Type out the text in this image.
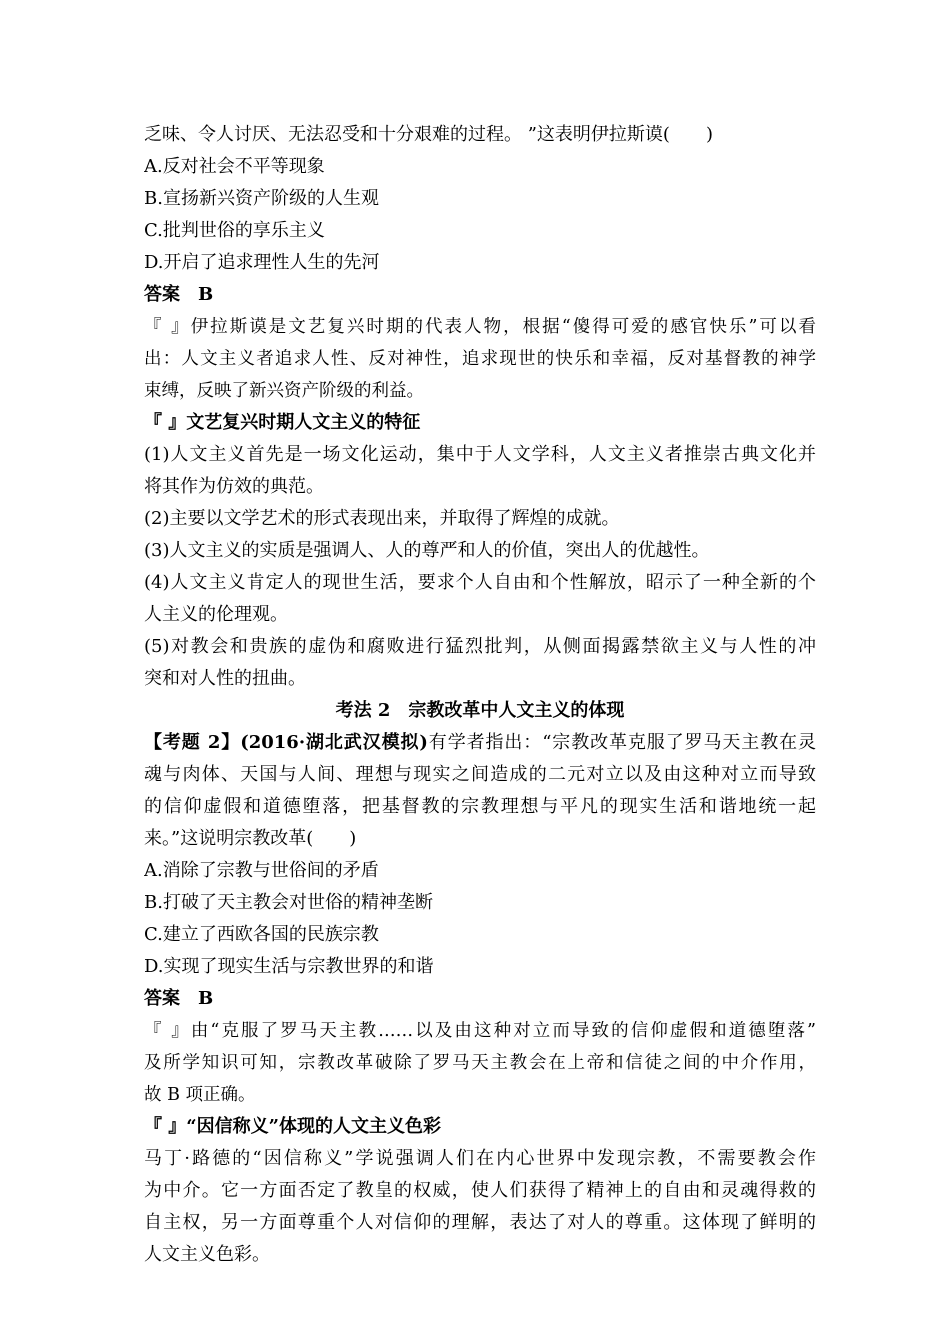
乏味、令人讨厌、无法忍受和十分艰难的过程。 ”这表明伊拉斯谟(　　)
A.反对社会不平等现象
B.宣扬新兴资产阶级的人生观
C.批判世俗的享乐主义
D.开启了追求理性人生的先河
答案　B
『 』伊拉斯谟是文艺复兴时期的代表人物，根据“傻得可爱的感官快乐”可以看
出：人文主义者追求人性、反对神性，追求现世的快乐和幸福，反对基督教的神学
束缚，反映了新兴资产阶级的利益。
『 』文艺复兴时期人文主义的特征
(1)人文主义首先是一场文化运动，集中于人文学科，人文主义者推崇古典文化并
将其作为仿效的典范。
(2)主要以文学艺术的形式表现出来，并取得了辉煌的成就。
(3)人文主义的实质是强调人、人的尊严和人的价值，突出人的优越性。
(4)人文主义肯定人的现世生活，要求个人自由和个性解放，昭示了一种全新的个
人主义的伦理观。
(5)对教会和贵族的虚伪和腐败进行猛烈批判，从侧面揭露禁欲主义与人性的冲
突和对人性的扭曲。
考法 2　宗教改革中人文主义的体现
【考题 2】(2016·湖北武汉模拟)有学者指出：“宗教改革克服了罗马天主教在灵
魂与肉体、天国与人间、理想与现实之间造成的二元对立以及由这种对立而导致
的信仰虚假和道德堕落，把基督教的宗教理想与平凡的现实生活和谐地统一起
来。”这说明宗教改革(　　)
A.消除了宗教与世俗间的矛盾
B.打破了天主教会对世俗的精神垄断
C.建立了西欧各国的民族宗教
D.实现了现实生活与宗教世界的和谐
答案　B
『 』由“克服了罗马天主教……以及由这种对立而导致的信仰虚假和道德堕落”
及所学知识可知，宗教改革破除了罗马天主教会在上帝和信徒之间的中介作用，
故 B 项正确。
『 』“因信称义”体现的人文主义色彩
马丁·路德的“因信称义”学说强调人们在内心世界中发现宗教，不需要教会作
为中介。它一方面否定了教皇的权威，使人们获得了精神上的自由和灵魂得救的
自主权，另一方面尊重个人对信仰的理解，表达了对人的尊重。这体现了鲜明的
人文主义色彩。
